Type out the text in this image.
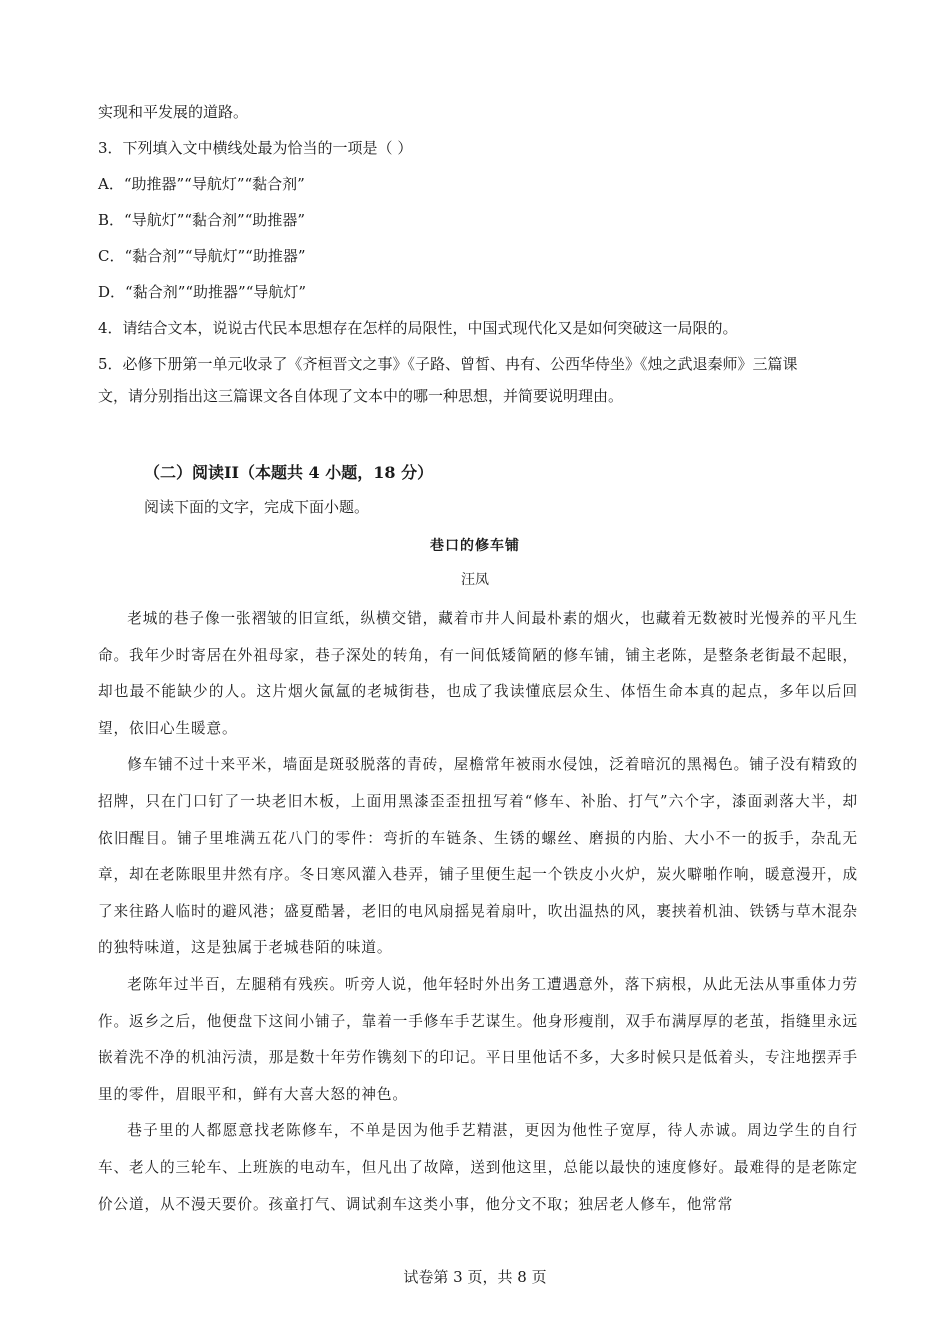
实现和平发展的道路。
3．下列填入文中横线处最为恰当的一项是（ ）
A．“助推器”“导航灯”“黏合剂”
B．“导航灯”“黏合剂”“助推器”
C．“黏合剂”“导航灯”“助推器”
D．“黏合剂”“助推器”“导航灯”
4．请结合文本，说说古代民本思想存在怎样的局限性，中国式现代化又是如何突破这一局限的。
5．必修下册第一单元收录了《齐桓晋文之事》《子路、曾皙、冉有、公西华侍坐》《烛之武退秦师》三篇课
文，请分别指出这三篇课文各自体现了文本中的哪一种思想，并简要说明理由。
（二）阅读II（本题共 4 小题，18 分）
阅读下面的文字，完成下面小题。
巷口的修车铺
汪凤

老城的巷子像一张褶皱的旧宣纸，纵横交错，藏着市井人间最朴素的烟火，也藏着无数被时光慢养的平凡生命。我年少时寄居在外祖母家，巷子深处的转角，有一间低矮简陋的修车铺，铺主老陈，是整条老街最不起眼，却也最不能缺少的人。这片烟火氤氲的老城街巷，也成了我读懂底层众生、体悟生命本真的起点，多年以后回望，依旧心生暖意。

修车铺不过十来平米，墙面是斑驳脱落的青砖，屋檐常年被雨水侵蚀，泛着暗沉的黑褐色。铺子没有精致的招牌，只在门口钉了一块老旧木板，上面用黑漆歪歪扭扭写着“修车、补胎、打气”六个字，漆面剥落大半，却依旧醒目。铺子里堆满五花八门的零件：弯折的车链条、生锈的螺丝、磨损的内胎、大小不一的扳手，杂乱无章，却在老陈眼里井然有序。冬日寒风灌入巷弄，铺子里便生起一个铁皮小火炉，炭火噼啪作响，暖意漫开，成了来往路人临时的避风港；盛夏酷暑，老旧的电风扇摇晃着扇叶，吹出温热的风，裹挟着机油、铁锈与草木混杂的独特味道，这是独属于老城巷陌的味道。

老陈年过半百，左腿稍有残疾。听旁人说，他年轻时外出务工遭遇意外，落下病根，从此无法从事重体力劳作。返乡之后，他便盘下这间小铺子，靠着一手修车手艺谋生。他身形瘦削，双手布满厚厚的老茧，指缝里永远嵌着洗不净的机油污渍，那是数十年劳作镌刻下的印记。平日里他话不多，大多时候只是低着头，专注地摆弄手里的零件，眉眼平和，鲜有大喜大怒的神色。

巷子里的人都愿意找老陈修车，不单是因为他手艺精湛，更因为他性子宽厚，待人赤诚。周边学生的自行车、老人的三轮车、上班族的电动车，但凡出了故障，送到他这里，总能以最快的速度修好。最难得的是老陈定价公道，从不漫天要价。孩童打气、调试刹车这类小事，他分文不取；独居老人修车，他常常

试卷第 3 页，共 8 页
